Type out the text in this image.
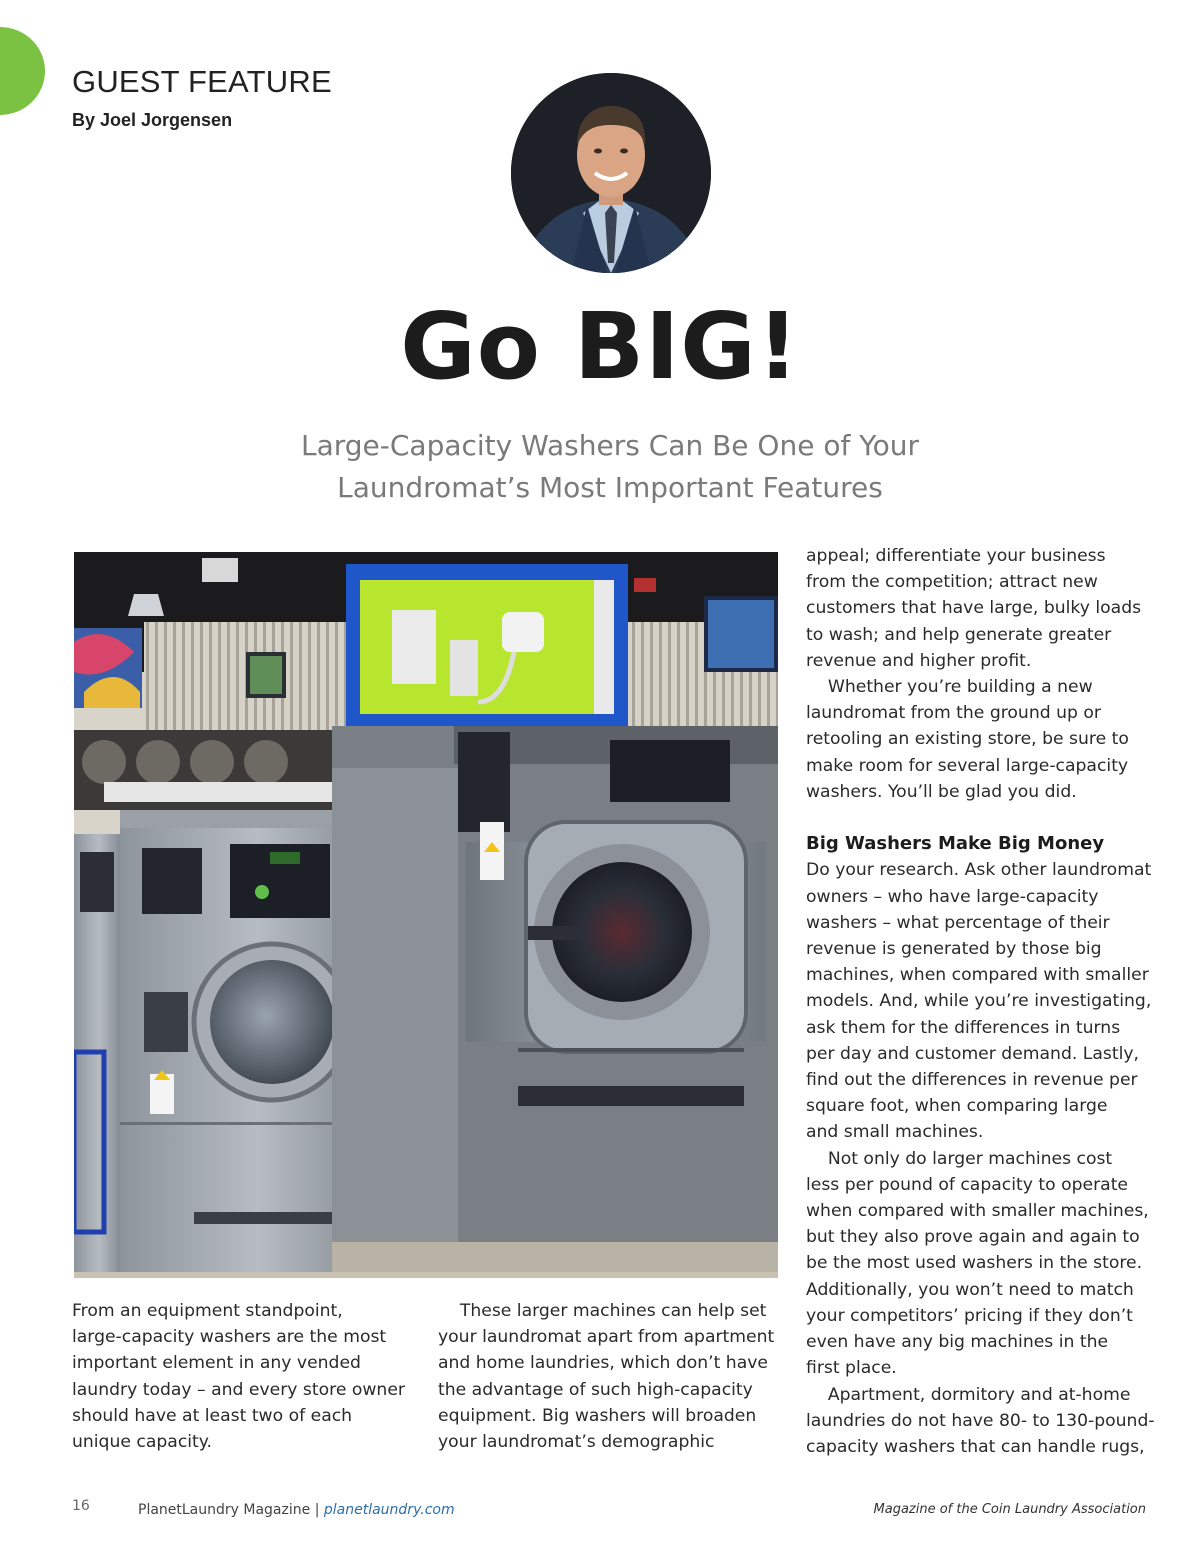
GUEST FEATURE
By Joel Jorgensen
Go BIG!
Large-Capacity Washers Can Be One of Your
Laundromat’s Most Important Features
From an equipment standpoint,
large-capacity washers are the most
important element in any vended
laundry today – and every store owner
should have at least two of each
unique capacity.
These larger machines can help set
your laundromat apart from apartment
and home laundries, which don’t have
the advantage of such high-capacity
equipment. Big washers will broaden
your laundromat’s demographic
appeal; differentiate your business
from the competition; attract new
customers that have large, bulky loads
to wash; and help generate greater
revenue and higher profit.
Whether you’re building a new
laundromat from the ground up or
retooling an existing store, be sure to
make room for several large-capacity
washers. You’ll be glad you did.

Big Washers Make Big Money
Do your research. Ask other laundromat
owners – who have large-capacity
washers – what percentage of their
revenue is generated by those big
machines, when compared with smaller
models. And, while you’re investigating,
ask them for the differences in turns
per day and customer demand. Lastly,
find out the differences in revenue per
square foot, when comparing large
and small machines.
Not only do larger machines cost
less per pound of capacity to operate
when compared with smaller machines,
but they also prove again and again to
be the most used washers in the store.
Additionally, you won’t need to match
your competitors’ pricing if they don’t
even have any big machines in the
first place.
Apartment, dormitory and at-home
laundries do not have 80- to 130-pound-
capacity washers that can handle rugs,
16	PlanetLaundry Magazine | planetlaundry.com	Magazine of the Coin Laundry Association
